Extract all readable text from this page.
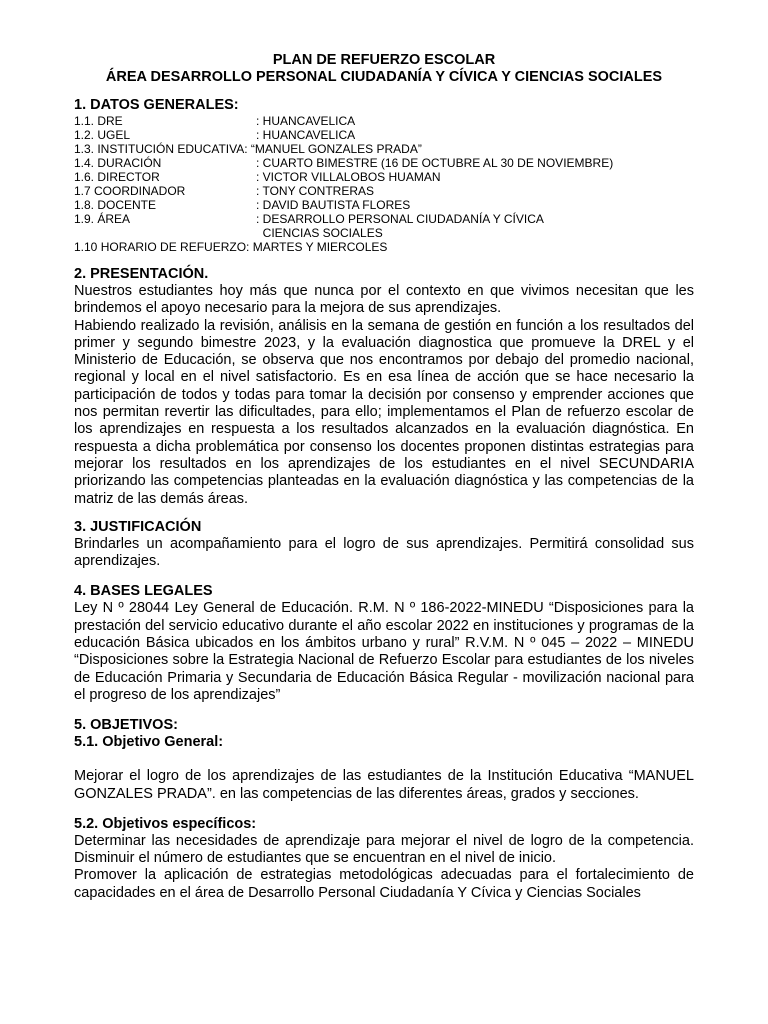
PLAN DE REFUERZO ESCOLAR
ÁREA DESARROLLO PERSONAL CIUDADANÍA Y CÍVICA Y CIENCIAS SOCIALES
1. DATOS GENERALES:
1.1. DRE	: HUANCAVELICA
1.2. UGEL	: HUANCAVELICA
1.3. INSTITUCIÓN EDUCATIVA:
“MANUEL GONZALES PRADA”
1.4. DURACIÓN	: CUARTO BIMESTRE (16 DE OCTUBRE AL 30 DE NOVIEMBRE)
1.6. DIRECTOR	: VICTOR VILLALOBOS HUAMAN
1.7 COORDINADOR	: TONY CONTRERAS
1.8. DOCENTE	: DAVID BAUTISTA FLORES
1.9. ÁREA	: DESARROLLO PERSONAL CIUDADANÍA Y CÍVICA
CIENCIAS SOCIALES
1.10 HORARIO DE REFUERZO: MARTES Y MIERCOLES
2. PRESENTACIÓN.

Nuestros estudiantes hoy más que nunca por el contexto en que vivimos necesitan que les brindemos el apoyo necesario para la mejora de sus aprendizajes.

Habiendo realizado la revisión, análisis en la semana de gestión en función a los resultados del primer y segundo bimestre 2023, y la evaluación diagnostica que promueve la DREL y el Ministerio de Educación, se observa que nos encontramos por debajo del promedio nacional, regional y local en el nivel satisfactorio. Es en esa línea de acción que se hace necesario la participación de todos y todas para tomar la decisión por consenso y emprender acciones que nos permitan revertir las dificultades, para ello; implementamos el Plan de refuerzo escolar de los aprendizajes en respuesta a los resultados alcanzados en la evaluación diagnóstica. En respuesta a dicha problemática por consenso los docentes proponen distintas estrategias para mejorar los resultados en los aprendizajes de los estudiantes en el nivel SECUNDARIA priorizando las competencias planteadas en la evaluación diagnóstica y las competencias de la matriz de las demás áreas.

3. JUSTIFICACIÓN

Brindarles un acompañamiento para el logro de sus aprendizajes. Permitirá consolidad sus aprendizajes.

4. BASES LEGALES

Ley N º 28044 Ley General de Educación. R.M. N º 186-2022-MINEDU “Disposiciones para la prestación del servicio educativo durante el año escolar 2022 en instituciones y programas de la educación Básica ubicados en los ámbitos urbano y rural” R.V.M. N º 045 – 2022 – MINEDU “Disposiciones sobre la Estrategia Nacional de Refuerzo Escolar para estudiantes de los niveles de Educación Primaria y Secundaria de Educación Básica Regular - movilización nacional para el progreso de los aprendizajes”

5. OBJETIVOS:
5.1. Objetivo General:

Mejorar el logro de los aprendizajes de las estudiantes de la Institución Educativa “MANUEL GONZALES PRADA”. en las competencias de las diferentes áreas, grados y secciones.

5.2. Objetivos específicos:

Determinar las necesidades de aprendizaje para mejorar el nivel de logro de la competencia. Disminuir el número de estudiantes que se encuentran en el nivel de inicio.

Promover la aplicación de estrategias metodológicas adecuadas para el fortalecimiento de capacidades en el área de Desarrollo Personal Ciudadanía Y Cívica y Ciencias Sociales
